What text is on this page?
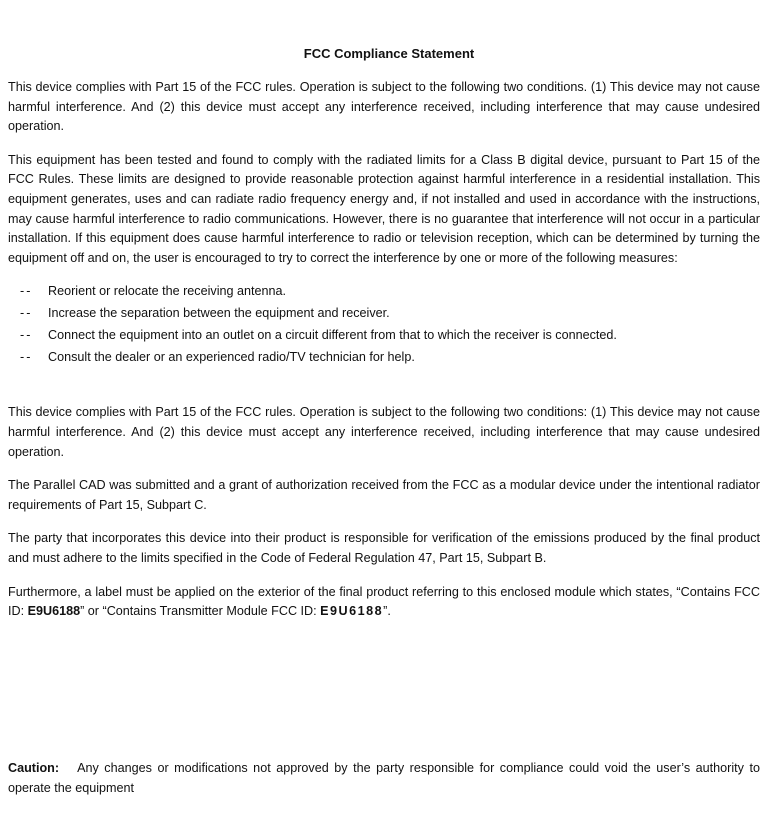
FCC Compliance Statement

This device complies with Part 15 of the FCC rules. Operation is subject to the following two conditions. (1) This device may not cause harmful interference. And (2) this device must accept any interference received, including interference that may cause undesired operation.

This equipment has been tested and found to comply with the radiated limits for a Class B digital device, pursuant to Part 15 of the FCC Rules. These limits are designed to provide reasonable protection against harmful interference in a residential installation. This equipment generates, uses and can radiate radio frequency energy and, if not installed and used in accordance with the instructions, may cause harmful interference to radio communications. However, there is no guarantee that interference will not occur in a particular installation. If this equipment does cause harmful interference to radio or television reception, which can be determined by turning the equipment off and on, the user is encouraged to try to correct the interference by one or more of the following measures:

--Reorient or relocate the receiving antenna.
--Increase the separation between the equipment and receiver.
--Connect the equipment into an outlet on a circuit different from that to which the receiver is connected.
--Consult the dealer or an experienced radio/TV technician for help.

This device complies with Part 15 of the FCC rules. Operation is subject to the following two conditions: (1) This device may not cause harmful interference. And (2) this device must accept any interference received, including interference that may cause undesired operation.

The Parallel CAD was submitted and a grant of authorization received from the FCC as a modular device under the intentional radiator requirements of Part 15, Subpart C.

The party that incorporates this device into their product is responsible for verification of the emissions produced by the final product and must adhere to the limits specified in the Code of Federal Regulation 47, Part 15, Subpart B.

Furthermore, a label must be applied on the exterior of the final product referring to this enclosed module which states, “Contains FCC ID: E9U6188” or “Contains Transmitter Module FCC ID: E9U6188”.

Caution: Any changes or modifications not approved by the party responsible for compliance could void the user’s authority to operate the equipment
